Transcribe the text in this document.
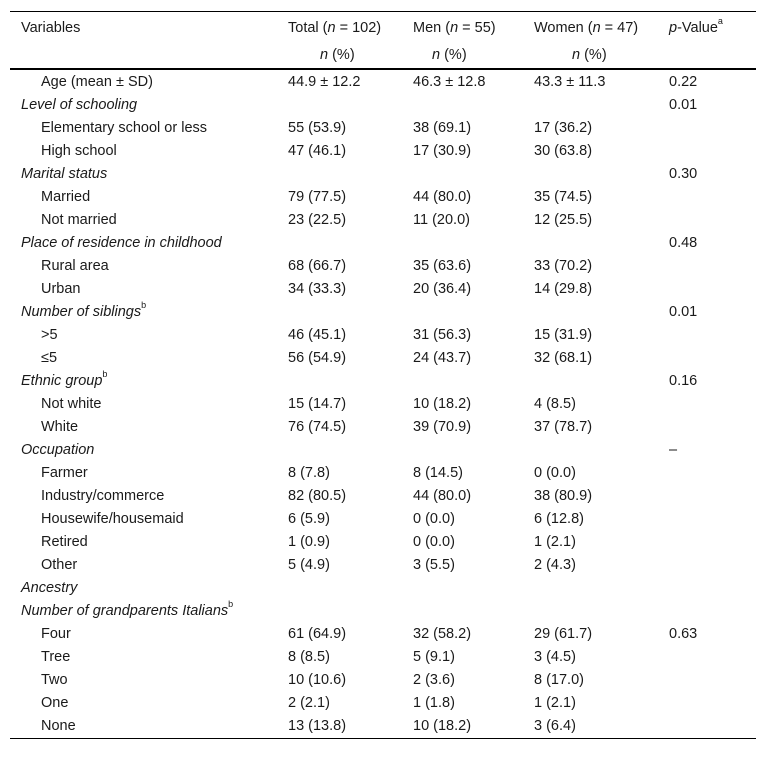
Variables	Total (n = 102)	Men (n = 55)	Women (n = 47)	p-Value$^a$
	n (%)	n (%)	n (%)	
Age (mean ± SD)	44.9 ± 12.2	46.3 ± 12.8	43.3 ± 11.3	0.22
Level of schooling				0.01
Elementary school or less	55 (53.9)	38 (69.1)	17 (36.2)	
High school	47 (46.1)	17 (30.9)	30 (63.8)	
Marital status				0.30
Married	79 (77.5)	44 (80.0)	35 (74.5)	
Not married	23 (22.5)	11 (20.0)	12 (25.5)	
Place of residence in childhood				0.48
Rural area	68 (66.7)	35 (63.6)	33 (70.2)	
Urban	34 (33.3)	20 (36.4)	14 (29.8)	
Number of siblings$^b$				0.01
>5	46 (45.1)	31 (56.3)	15 (31.9)	
≤5	56 (54.9)	24 (43.7)	32 (68.1)	
Ethnic group$^b$				0.16
Not white	15 (14.7)	10 (18.2)	4 (8.5)	
White	76 (74.5)	39 (70.9)	37 (78.7)	
Occupation				–
Farmer	8 (7.8)	8 (14.5)	0 (0.0)	
Industry/commerce	82 (80.5)	44 (80.0)	38 (80.9)	
Housewife/housemaid	6 (5.9)	0 (0.0)	6 (12.8)	
Retired	1 (0.9)	0 (0.0)	1 (2.1)	
Other	5 (4.9)	3 (5.5)	2 (4.3)	
Ancestry				
Number of grandparents Italians$^b$				
Four	61 (64.9)	32 (58.2)	29 (61.7)	0.63
Tree	8 (8.5)	5 (9.1)	3 (4.5)	
Two	10 (10.6)	2 (3.6)	8 (17.0)	
One	2 (2.1)	1 (1.8)	1 (2.1)	
None	13 (13.8)	10 (18.2)	3 (6.4)	
